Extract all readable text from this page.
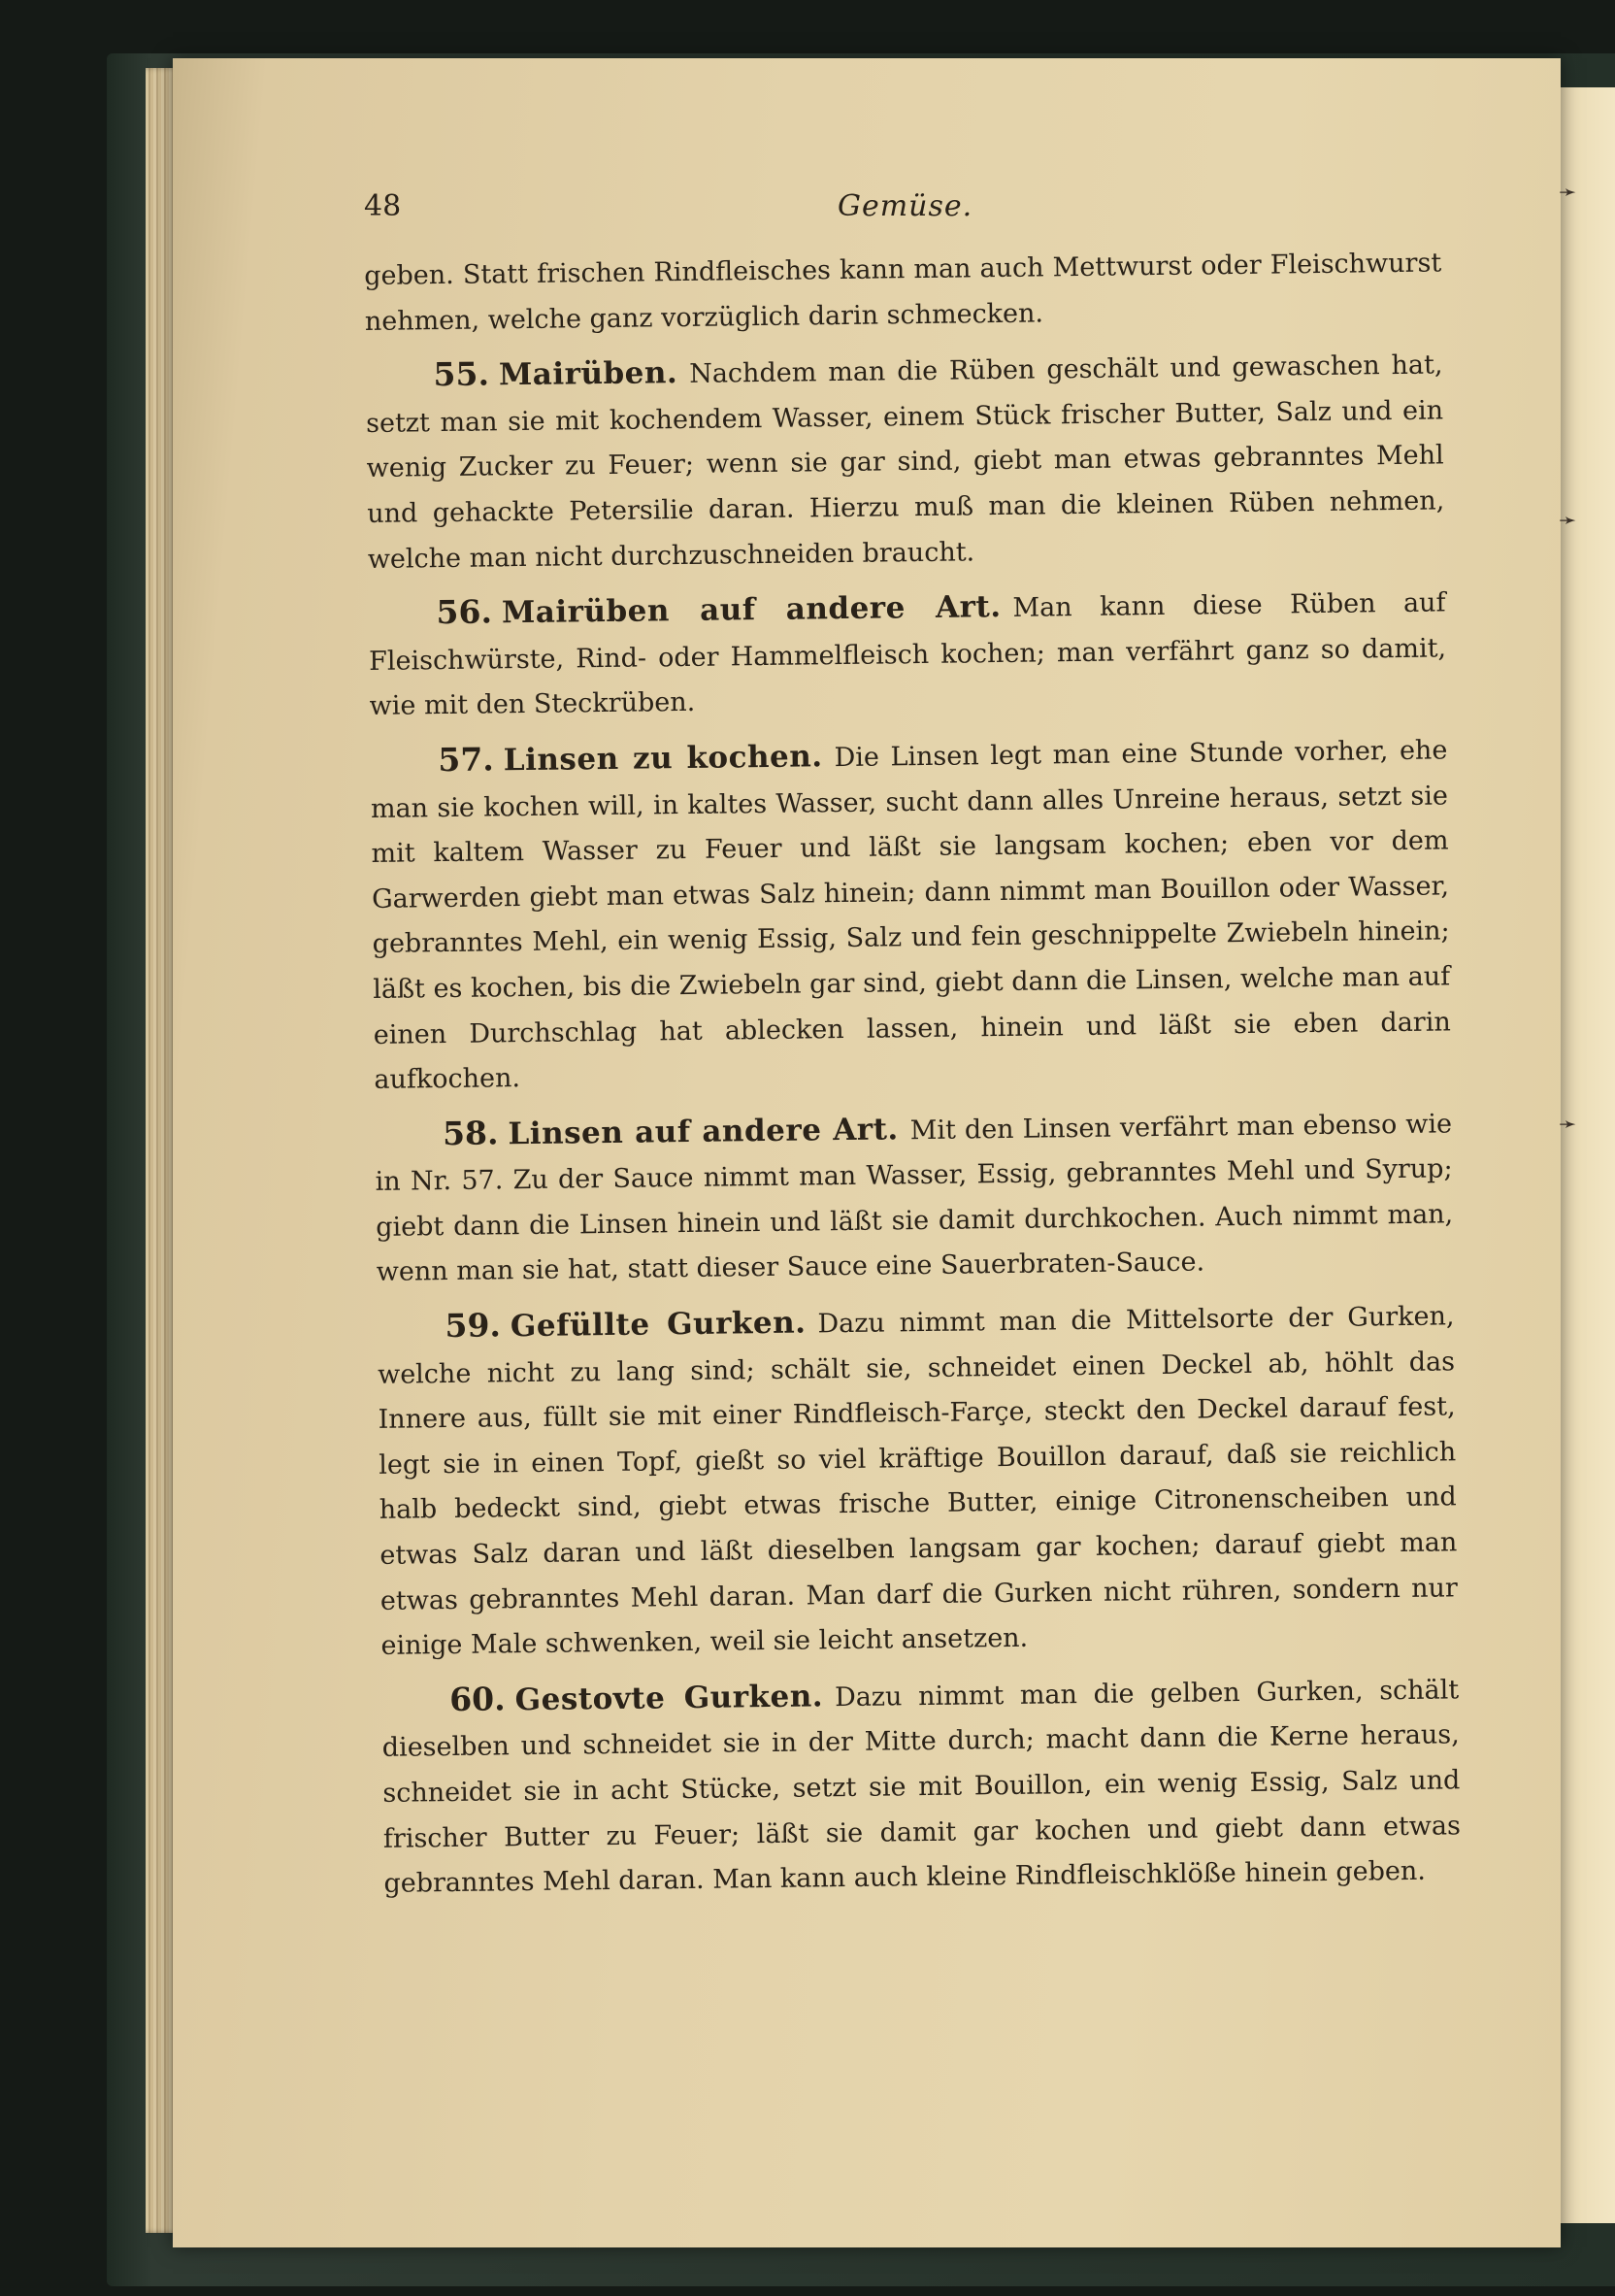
➛
➛
➛
48	Gemüse.

geben. Statt frischen Rindfleisches kann man auch Mettwurst oder Fleischwurst nehmen, welche ganz vorzüglich darin schmecken.

55. Mairüben. Nachdem man die Rüben geschält und gewaschen hat, setzt man sie mit kochendem Wasser, einem Stück frischer Butter, Salz und ein wenig Zucker zu Feuer; wenn sie gar sind, giebt man etwas gebranntes Mehl und gehackte Petersilie daran. Hierzu muß man die kleinen Rüben nehmen, welche man nicht durchzuschneiden braucht.

56. Mairüben auf andere Art. Man kann diese Rüben auf Fleischwürste, Rind- oder Hammelfleisch kochen; man verfährt ganz so damit, wie mit den Steckrüben.

57. Linsen zu kochen. Die Linsen legt man eine Stunde vorher, ehe man sie kochen will, in kaltes Wasser, sucht dann alles Unreine heraus, setzt sie mit kaltem Wasser zu Feuer und läßt sie langsam kochen; eben vor dem Garwerden giebt man etwas Salz hinein; dann nimmt man Bouillon oder Wasser, gebranntes Mehl, ein wenig Essig, Salz und fein geschnippelte Zwiebeln hinein; läßt es kochen, bis die Zwiebeln gar sind, giebt dann die Linsen, welche man auf einen Durchschlag hat ablecken lassen, hinein und läßt sie eben darin aufkochen.

58. Linsen auf andere Art. Mit den Linsen verfährt man ebenso wie in Nr. 57. Zu der Sauce nimmt man Wasser, Essig, gebranntes Mehl und Syrup; giebt dann die Linsen hinein und läßt sie damit durchkochen. Auch nimmt man, wenn man sie hat, statt dieser Sauce eine Sauerbraten-Sauce.

59. Gefüllte Gurken. Dazu nimmt man die Mittelsorte der Gurken, welche nicht zu lang sind; schält sie, schneidet einen Deckel ab, höhlt das Innere aus, füllt sie mit einer Rindfleisch-Farçe, steckt den Deckel darauf fest, legt sie in einen Topf, gießt so viel kräftige Bouillon darauf, daß sie reichlich halb bedeckt sind, giebt etwas frische Butter, einige Citronenscheiben und etwas Salz daran und läßt dieselben langsam gar kochen; darauf giebt man etwas gebranntes Mehl daran. Man darf die Gurken nicht rühren, sondern nur einige Male schwenken, weil sie leicht ansetzen.

60. Gestovte Gurken. Dazu nimmt man die gelben Gurken, schält dieselben und schneidet sie in der Mitte durch; macht dann die Kerne heraus, schneidet sie in acht Stücke, setzt sie mit Bouillon, ein wenig Essig, Salz und frischer Butter zu Feuer; läßt sie damit gar kochen und giebt dann etwas gebranntes Mehl daran. Man kann auch kleine Rindfleischklöße hinein geben.
